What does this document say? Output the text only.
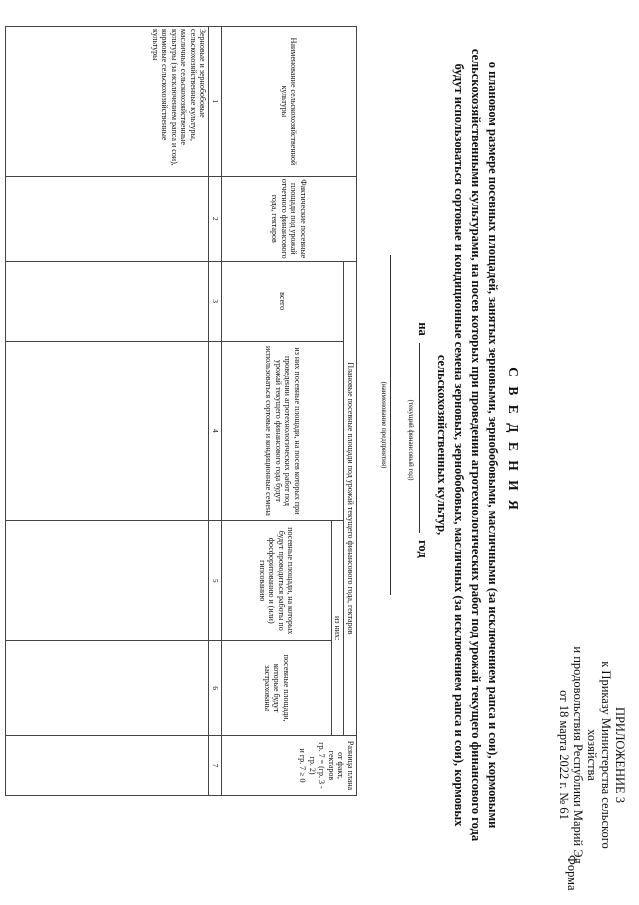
ПРИЛОЖЕНИЕ 3
к Приказу Министерства сельского хозяйства
и продовольствия Республики Марий Эл
от 18 марта 2022 г. № 61
Форма
С В Е Д Е Н И Я
о плановом размере посевных площадей, занятых зерновыми, зернобобовыми, масличными (за исключением рапса и сои), кормовыми сельскохозяйственными культурами, на посев которых при проведении агротехнологических работ под урожай текущего финансового года будут использоваться сортовые и кондиционные семена зерновых, зернобобовых, масличных (за исключением рапса и сои), кормовых сельскохозяйственных культур,
на  год
(текущий финансовый год)
(наименование предприятия)
Наименование сельскохозяйственной культуры	Фактические посевные площади под урожай отчетного финансового года, гектаров	Плановые посевные площади под урожай текущего финансового года, гектаров				Разница плана от факт, гектаров
гр. 7 = (гр. 3 - гр. 2)
и гр. 7 ≥ 0

		всего	из них посевные площади, на посев которых при проведении агротехнологических работ под урожай текущего финансового года будут использоваться сортовые и кондиционные семена	из них:		
				посевные площади, на которых будут проводиться работы по фосфоритованию и (или) гипсованию	посевные площади, которые будут застрахованы	
1	2	3	4	5	6	7
Зерновые и зернобобовые сельскохозяйственные культуры, масличные сельскохозяйственные культуры (за исключением рапса и сои), кормовые сельскохозяйственные культуры						
